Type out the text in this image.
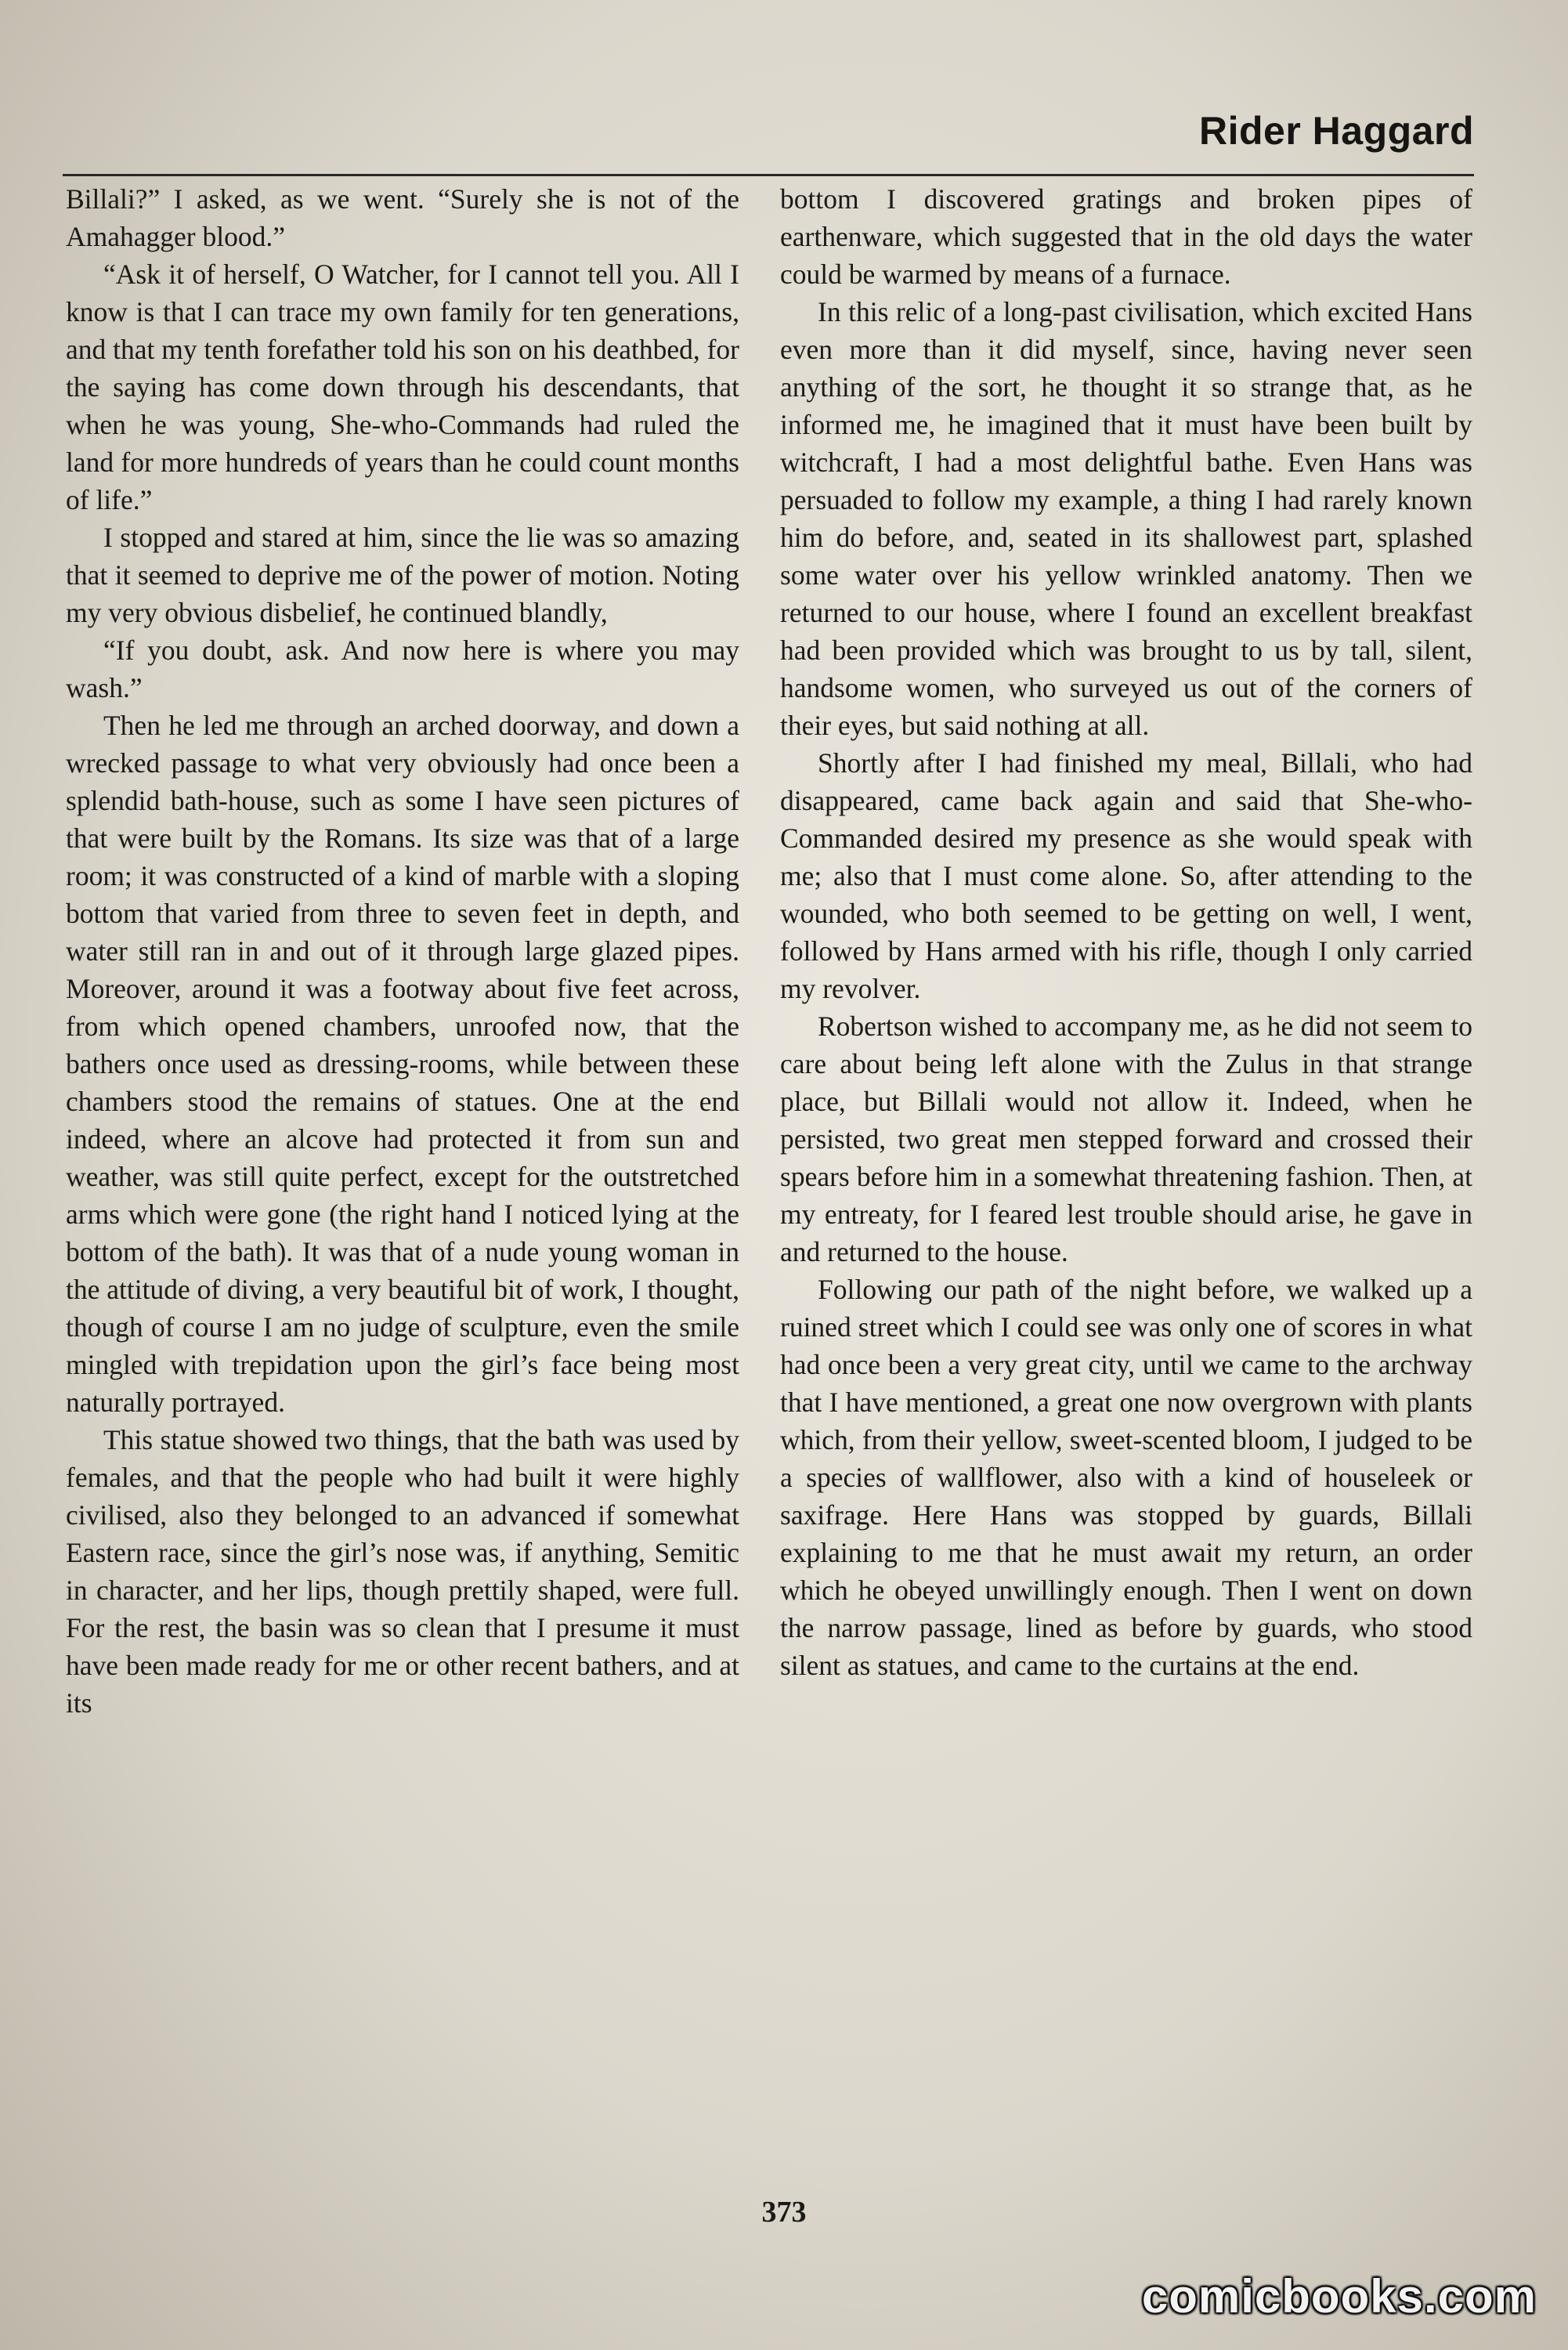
Rider Haggard

Billali?” I asked, as we went. “Surely she is not of the Amahagger blood.”

“Ask it of herself, O Watcher, for I cannot tell you. All I know is that I can trace my own family for ten generations, and that my tenth forefather told his son on his deathbed, for the saying has come down through his descendants, that when he was young, She-who-Commands had ruled the land for more hundreds of years than he could count months of life.”

I stopped and stared at him, since the lie was so amazing that it seemed to deprive me of the power of motion. Noting my very obvious disbelief, he continued blandly,

“If you doubt, ask. And now here is where you may wash.”

Then he led me through an arched doorway, and down a wrecked passage to what very obviously had once been a splendid bath-house, such as some I have seen pictures of that were built by the Romans. Its size was that of a large room; it was constructed of a kind of marble with a sloping bottom that varied from three to seven feet in depth, and water still ran in and out of it through large glazed pipes. Moreover, around it was a footway about five feet across, from which opened chambers, unroofed now, that the bathers once used as dressing-rooms, while between these chambers stood the remains of statues. One at the end indeed, where an alcove had protected it from sun and weather, was still quite perfect, except for the outstretched arms which were gone (the right hand I noticed lying at the bottom of the bath). It was that of a nude young woman in the attitude of diving, a very beautiful bit of work, I thought, though of course I am no judge of sculpture, even the smile mingled with trepidation upon the girl’s face being most naturally portrayed.

This statue showed two things, that the bath was used by females, and that the people who had built it were highly civilised, also they belonged to an advanced if somewhat Eastern race, since the girl’s nose was, if anything, Semitic in character, and her lips, though prettily shaped, were full. For the rest, the basin was so clean that I presume it must have been made ready for me or other recent bathers, and at its

bottom I discovered gratings and broken pipes of earthenware, which suggested that in the old days the water could be warmed by means of a furnace.

In this relic of a long-past civilisation, which excited Hans even more than it did myself, since, having never seen anything of the sort, he thought it so strange that, as he informed me, he imagined that it must have been built by witchcraft, I had a most delightful bathe. Even Hans was persuaded to follow my example, a thing I had rarely known him do before, and, seated in its shallowest part, splashed some water over his yellow wrinkled anatomy. Then we returned to our house, where I found an excellent breakfast had been provided which was brought to us by tall, silent, handsome women, who surveyed us out of the corners of their eyes, but said nothing at all.

Shortly after I had finished my meal, Billali, who had disappeared, came back again and said that She-who-Commanded desired my presence as she would speak with me; also that I must come alone. So, after attending to the wounded, who both seemed to be getting on well, I went, followed by Hans armed with his rifle, though I only carried my revolver.

Robertson wished to accompany me, as he did not seem to care about being left alone with the Zulus in that strange place, but Billali would not allow it. Indeed, when he persisted, two great men stepped forward and crossed their spears before him in a somewhat threatening fashion. Then, at my entreaty, for I feared lest trouble should arise, he gave in and returned to the house.

Following our path of the night before, we walked up a ruined street which I could see was only one of scores in what had once been a very great city, until we came to the archway that I have mentioned, a great one now overgrown with plants which, from their yellow, sweet-scented bloom, I judged to be a species of wallflower, also with a kind of houseleek or saxifrage. Here Hans was stopped by guards, Billali explaining to me that he must await my return, an order which he obeyed unwillingly enough. Then I went on down the narrow passage, lined as before by guards, who stood silent as statues, and came to the curtains at the end.

373
comicbooks.com
